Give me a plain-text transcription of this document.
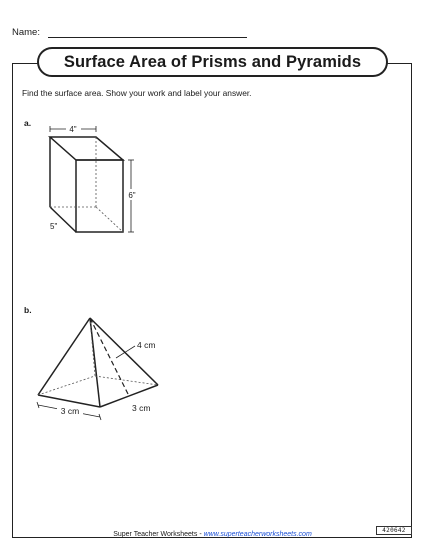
Name:
Surface Area of Prisms and Pyramids
Find the surface area. Show your work and label your answer.
a.
b.
4"
6"
5"
4 cm
3 cm	3 cm
Super Teacher Worksheets - www.superteacherworksheets.com
420642
